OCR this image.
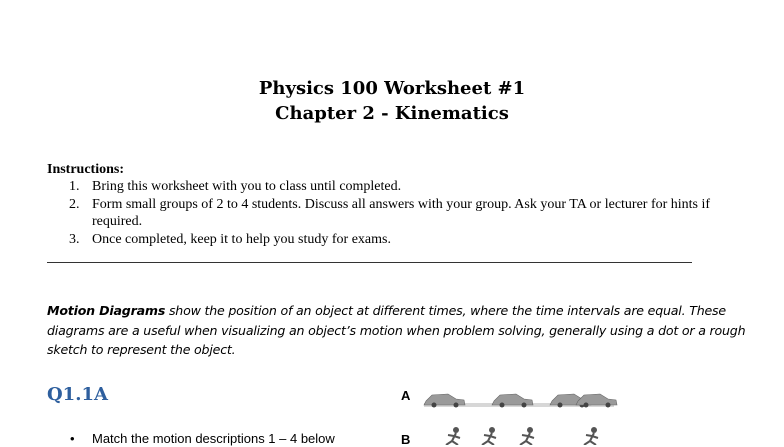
Physics 100 Worksheet #1
Chapter 2 - Kinematics
Instructions:
1. Bring this worksheet with you to class until completed.
2. Form small groups of 2 to 4 students. Discuss all answers with your group. Ask your TA or lecturer for hints if required.
3. Once completed, keep it to help you study for exams.
Motion Diagrams show the position of an object at different times, where the time intervals are equal. These diagrams are a useful when visualizing an object’s motion when problem solving, generally using a dot or a rough sketch to represent the object.
Q1.1A
• Match the motion descriptions 1 – 4 below
A
B
